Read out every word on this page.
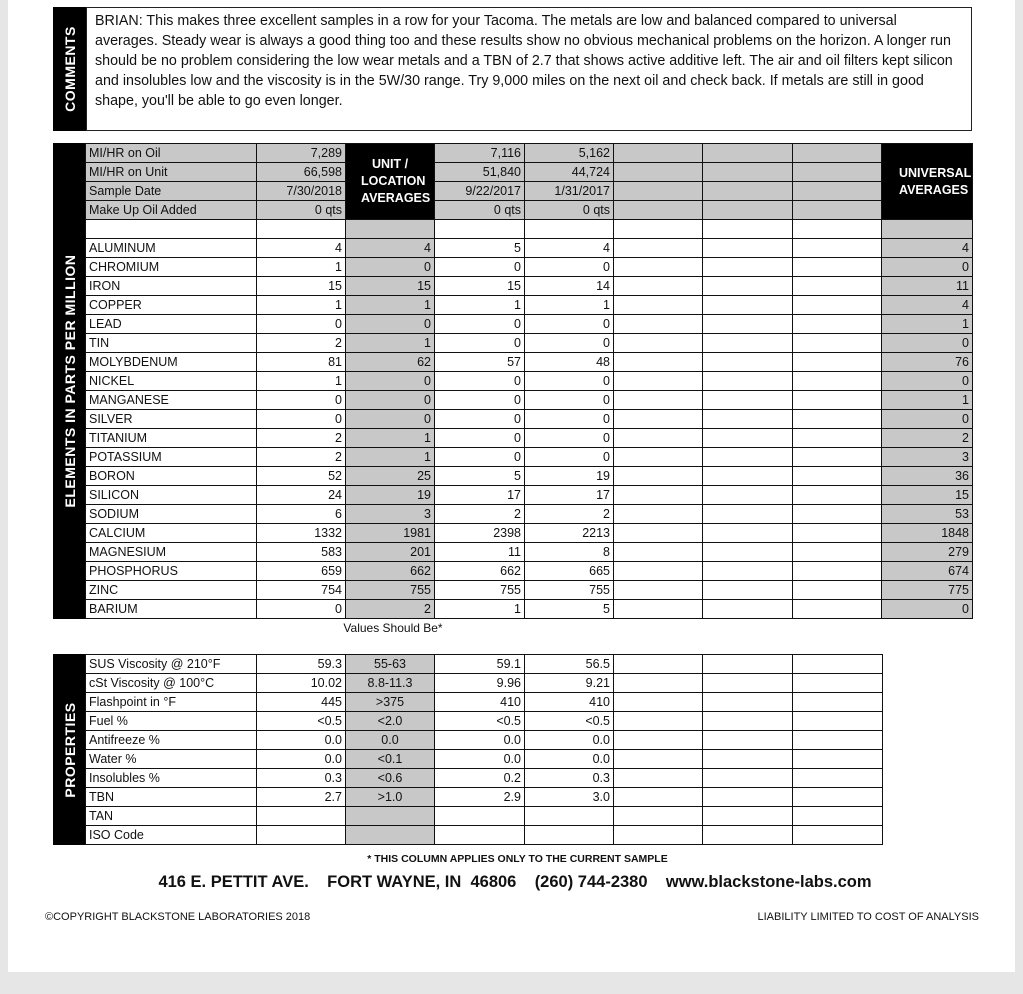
COMMENTS
BRIAN: This makes three excellent samples in a row for your Tacoma. The metals are low and balanced compared to universal averages. Steady wear is always a good thing too and these results show no obvious mechanical problems on the horizon. A longer run should be no problem considering the low wear metals and a TBN of 2.7 that shows active additive left. The air and oil filters kept silicon and insolubles low and the viscosity is in the 5W/30 range. Try 9,000 miles on the next oil and check back. If metals are still in good shape, you'll be able to go even longer.
ELEMENTS IN PARTS PER MILLION
MI/HR on Oil	7,289	UNIT / LOCATION AVERAGES	7,116	5,162				UNIVERSAL AVERAGES

MI/HR on Unit	66,598		51,840	44,724				
Sample Date	7/30/2018		9/22/2017	1/31/2017				
Make Up Oil Added	0 qts		0 qts	0 qts				

ALUMINUM	4	4	5	4				4
CHROMIUM	1	0	0	0				0
IRON	15	15	15	14				11
COPPER	1	1	1	1				4
LEAD	0	0	0	0				1
TIN	2	1	0	0				0
MOLYBDENUM	81	62	57	48				76
NICKEL	1	0	0	0				0
MANGANESE	0	0	0	0				1
SILVER	0	0	0	0				0
TITANIUM	2	1	0	0				2
POTASSIUM	2	1	0	0				3
BORON	52	25	5	19				36
SILICON	24	19	17	17				15
SODIUM	6	3	2	2				53
CALCIUM	1332	1981	2398	2213				1848
MAGNESIUM	583	201	11	8				279
PHOSPHORUS	659	662	662	665				674
ZINC	754	755	755	755				775
BARIUM	0	2	1	5				0
Values Should Be*
PROPERTIES
SUS Viscosity @ 210°F	59.3	55-63	59.1	56.5			
cSt Viscosity @ 100°C	10.02	8.8-11.3	9.96	9.21			
Flashpoint in °F	445	>375	410	410			
Fuel %	<0.5	<2.0	<0.5	<0.5			
Antifreeze %	0.0	0.0	0.0	0.0			
Water %	0.0	<0.1	0.0	0.0			
Insolubles %	0.3	<0.6	0.2	0.3			
TBN	2.7	>1.0	2.9	3.0			
TAN							
ISO Code							
* THIS COLUMN APPLIES ONLY TO THE CURRENT SAMPLE
416 E. PETTIT AVE.    FORT WAYNE, IN  46806    (260) 744-2380    www.blackstone-labs.com
©COPYRIGHT BLACKSTONE LABORATORIES 2018	LIABILITY LIMITED TO COST OF ANALYSIS
